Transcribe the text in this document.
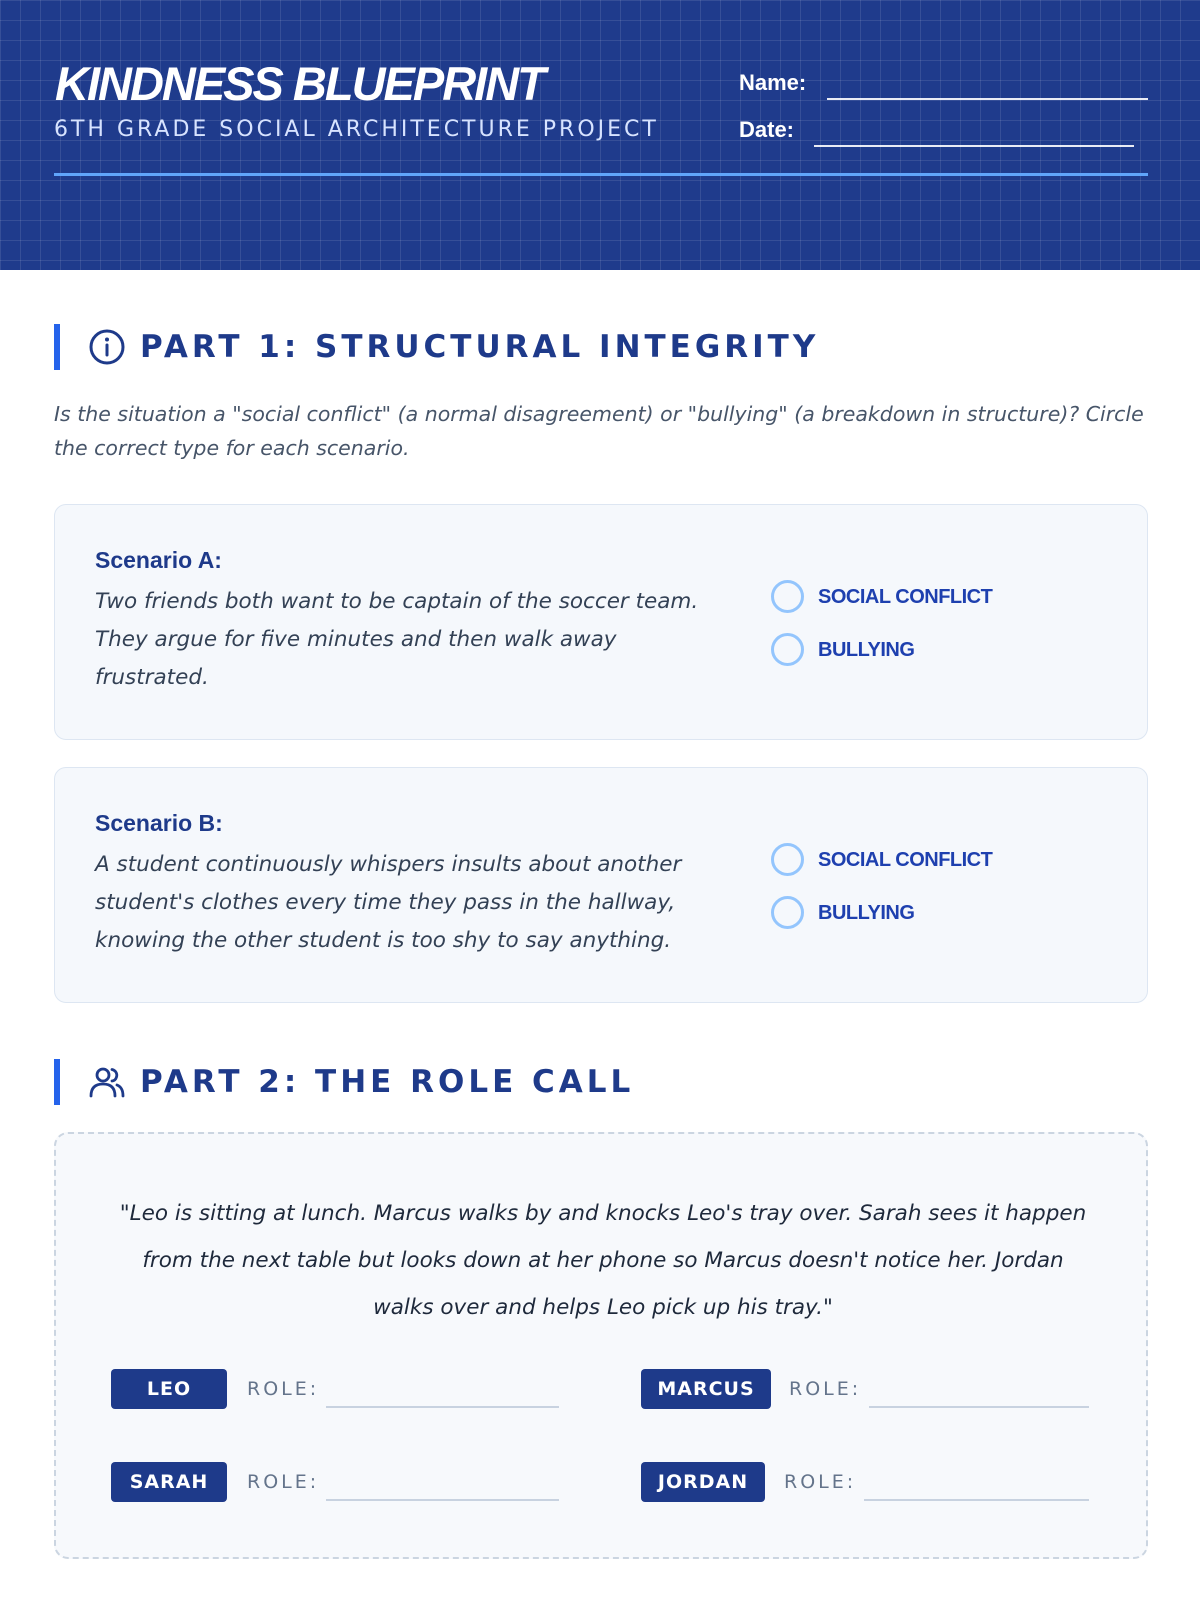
KINDNESS BLUEPRINT
6TH GRADE SOCIAL ARCHITECTURE PROJECT
Name:
Date:
PART 1: STRUCTURAL INTEGRITY
Is the situation a "social conflict" (a normal disagreement) or "bullying" (a breakdown in structure)? Circle the correct type for each scenario.
Scenario A:
Two friends both want to be captain of the soccer team. They argue for five minutes and then walk away frustrated.
SOCIAL CONFLICT
BULLYING
Scenario B:
A student continuously whispers insults about another student's clothes every time they pass in the hallway, knowing the other student is too shy to say anything.
SOCIAL CONFLICT
BULLYING
PART 2: THE ROLE CALL
"Leo is sitting at lunch. Marcus walks by and knocks Leo's tray over. Sarah sees it happen from the next table but looks down at her phone so Marcus doesn't notice her. Jordan walks over and helps Leo pick up his tray."
LEO	ROLE:	MARCUS	ROLE:
SARAH	ROLE:	JORDAN	ROLE:
